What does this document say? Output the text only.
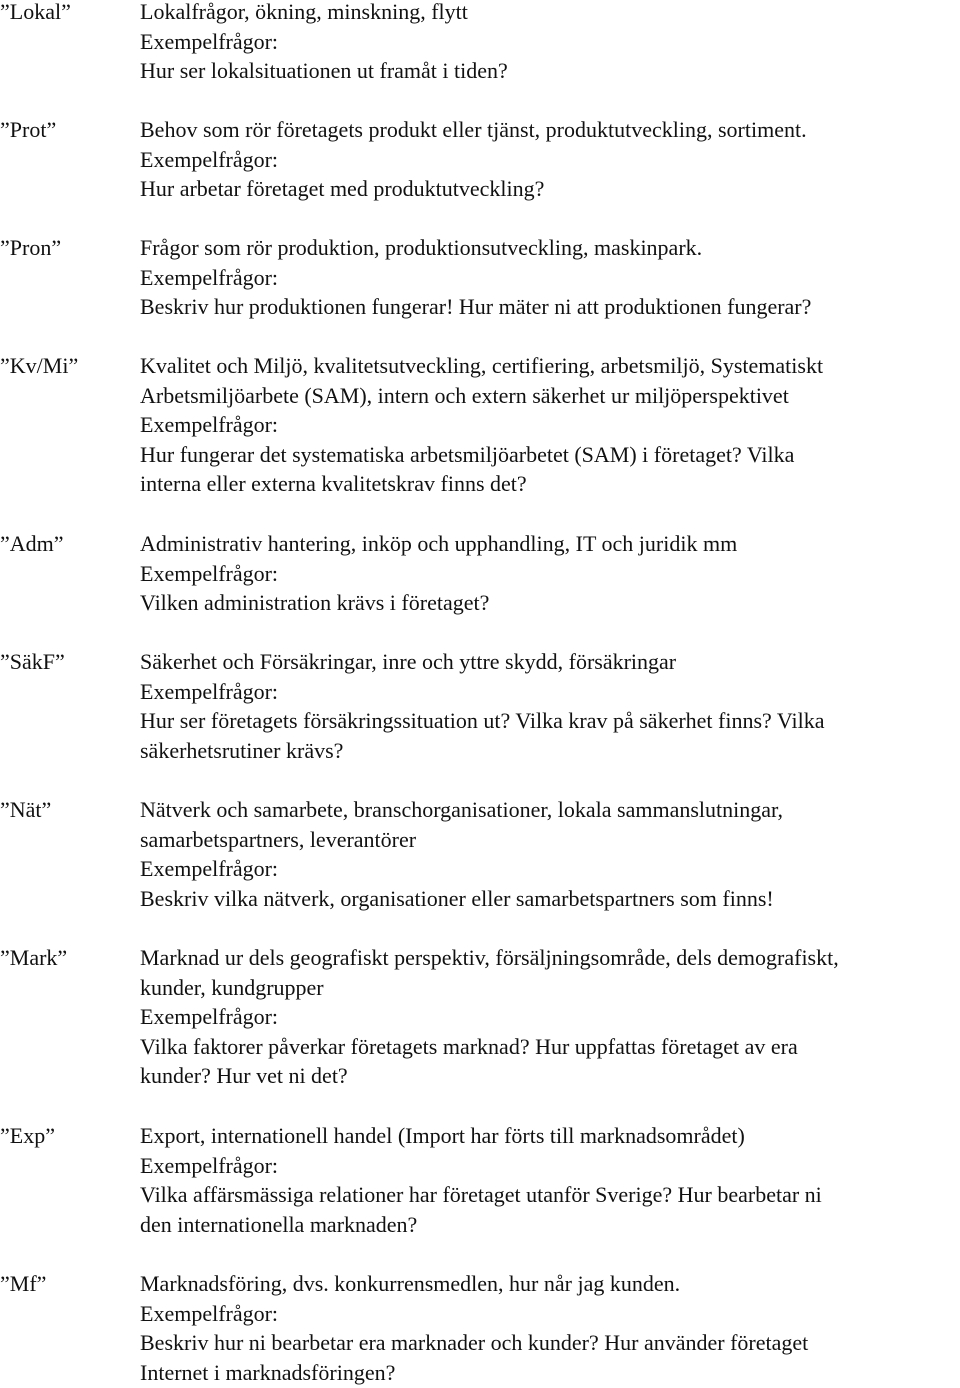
”Lokal”	Lokalfrågor, ökning, minskning, flytt
Exempelfrågor:
Hur ser lokalsituationen ut framåt i tiden?
”Prot”	Behov som rör företagets produkt eller tjänst, produktutveckling, sortiment.
Exempelfrågor:
Hur arbetar företaget med produktutveckling?
”Pron”	Frågor som rör produktion, produktionsutveckling, maskinpark.
Exempelfrågor:
Beskriv hur produktionen fungerar! Hur mäter ni att produktionen fungerar?
”Kv/Mi”	Kvalitet och Miljö, kvalitetsutveckling, certifiering, arbetsmiljö, Systematiskt
Arbetsmiljöarbete (SAM), intern och extern säkerhet ur miljöperspektivet
Exempelfrågor:
Hur fungerar det systematiska arbetsmiljöarbetet (SAM) i företaget? Vilka
interna eller externa kvalitetskrav finns det?
”Adm”	Administrativ hantering, inköp och upphandling, IT och juridik mm
Exempelfrågor:
Vilken administration krävs i företaget?
”SäkF”	Säkerhet och Försäkringar, inre och yttre skydd, försäkringar
Exempelfrågor:
Hur ser företagets försäkringssituation ut? Vilka krav på säkerhet finns? Vilka
säkerhetsrutiner krävs?
”Nät”	Nätverk och samarbete, branschorganisationer, lokala sammanslutningar,
samarbetspartners, leverantörer
Exempelfrågor:
Beskriv vilka nätverk, organisationer eller samarbetspartners som finns!
”Mark”	Marknad ur dels geografiskt perspektiv, försäljningsområde, dels demografiskt,
kunder, kundgrupper
Exempelfrågor:
Vilka faktorer påverkar företagets marknad? Hur uppfattas företaget av era
kunder? Hur vet ni det?
”Exp”	Export, internationell handel (Import har förts till marknadsområdet)
Exempelfrågor:
Vilka affärsmässiga relationer har företaget utanför Sverige? Hur bearbetar ni
den internationella marknaden?
”Mf”	Marknadsföring, dvs. konkurrensmedlen, hur når jag kunden.
Exempelfrågor:
Beskriv hur ni bearbetar era marknader och kunder? Hur använder företaget
Internet i marknadsföringen?
